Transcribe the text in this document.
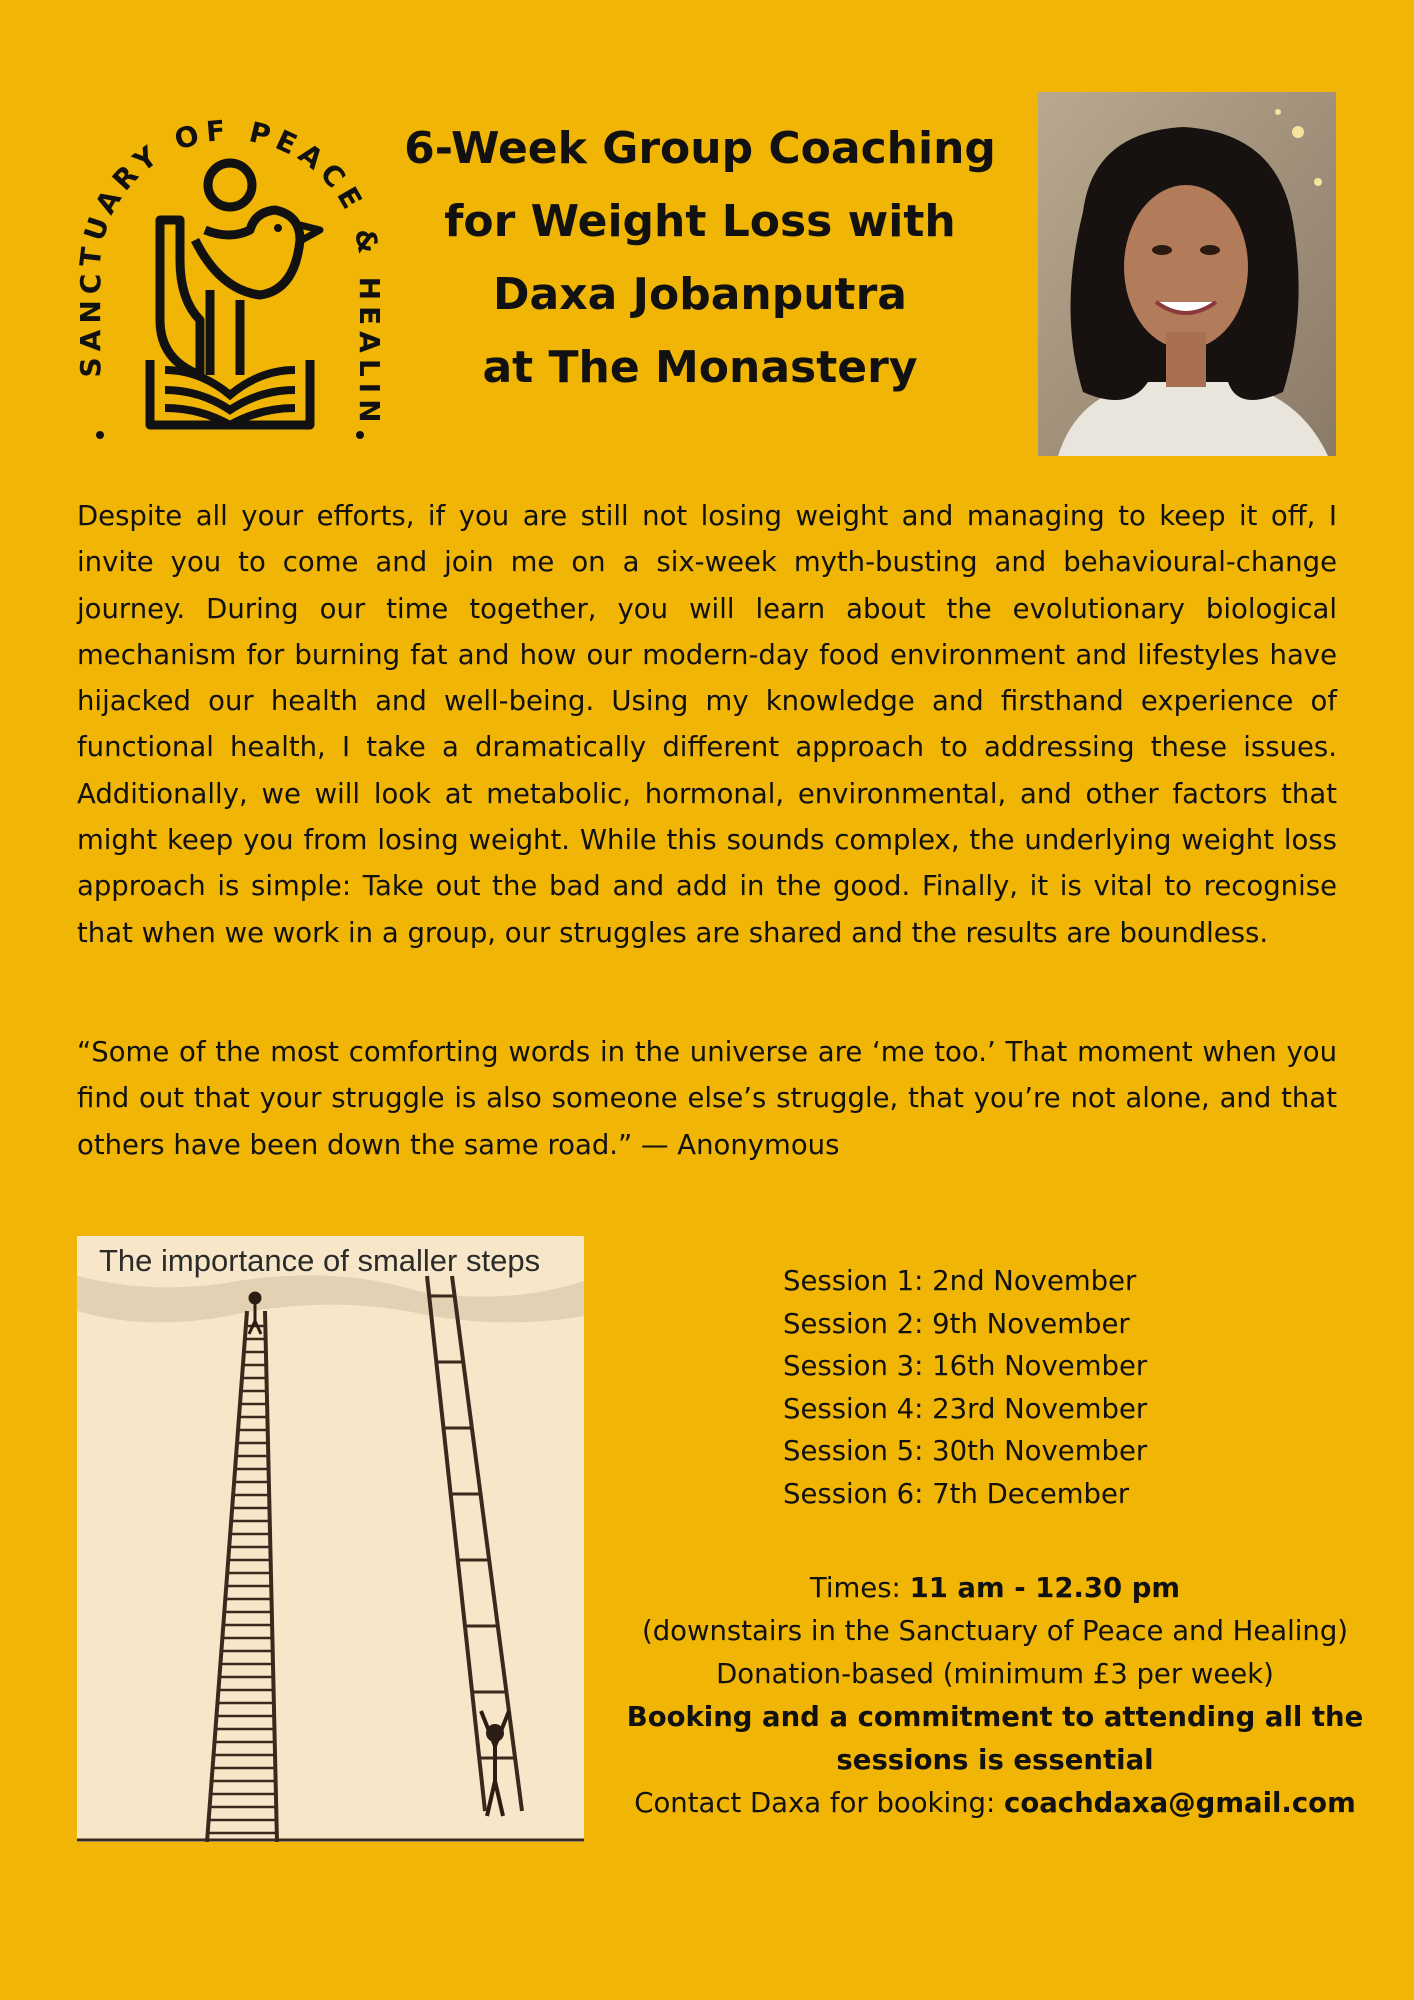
SANCTUARY OF PEACE & HEALIN
6-Week Group Coaching
for Weight Loss with
Daxa Jobanputra
at The Monastery

Despite all your efforts, if you are still not losing weight and managing to keep it off, I invite you to come and join me on a six-week myth-busting and behavioural-change journey. During our time together, you will learn about the evolutionary biological mechanism for burning fat and how our modern-day food environment and lifestyles have hijacked our health and well-being. Using my knowledge and firsthand experience of functional health, I take a dramatically different approach to addressing these issues. Additionally, we will look at metabolic, hormonal, environmental, and other factors that might keep you from losing weight. While this sounds complex, the underlying weight loss approach is simple: Take out the bad and add in the good. Finally, it is vital to recognise that when we work in a group, our struggles are shared and the results are boundless.

“Some of the most comforting words in the universe are ‘me too.’ That moment when you find out that your struggle is also someone else’s struggle, that you’re not alone, and that others have been down the same road.” — Anonymous

The importance of smaller steps
Session 1: 2nd November
Session 2: 9th November
Session 3: 16th November
Session 4: 23rd November
Session 5: 30th November
Session 6: 7th December
Times: 11 am - 12.30 pm
(downstairs in the Sanctuary of Peace and Healing)
Donation-based (minimum £3 per week)
Booking and a commitment to attending all the
sessions is essential
Contact Daxa for booking: coachdaxa@gmail.com
